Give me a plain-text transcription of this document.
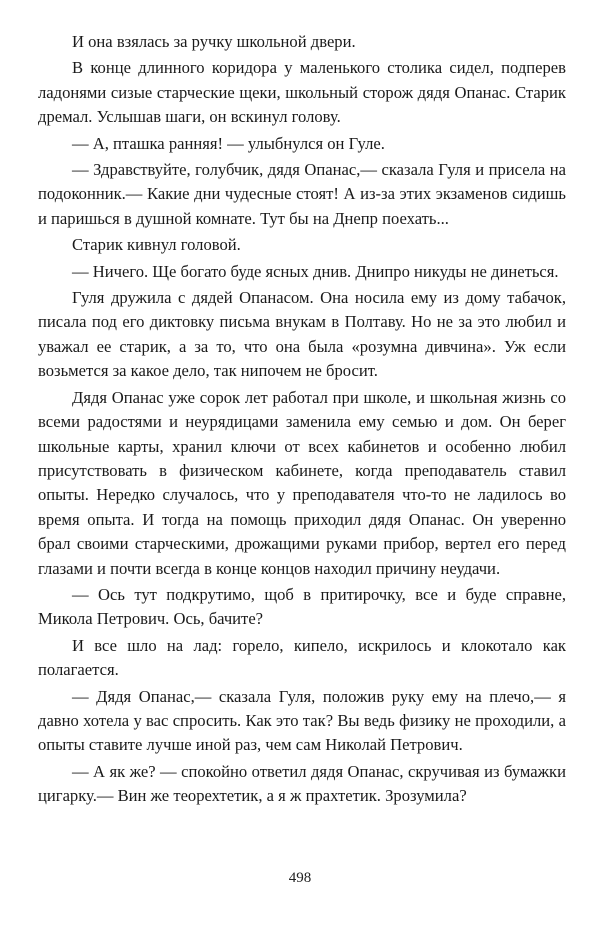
И она взялась за ручку школьной двери.

В конце длинного коридора у маленького столика сидел, подперев ладонями сизые старческие щеки, школьный сторож дядя Опанас. Старик дремал. Услышав шаги, он вскинул голову.

— А, пташка ранняя! — улыбнулся он Гуле.

— Здравствуйте, голубчик, дядя Опанас,— сказала Гуля и присела на подоконник.— Какие дни чудесные стоят! А из-за этих экзаменов сидишь и паришься в душной комнате. Тут бы на Днепр поехать...

Старик кивнул головой.

— Ничего. Ще богато буде ясных днив. Днипро никуды не динеться.

Гуля дружила с дядей Опанасом. Она носила ему из дому табачок, писала под его диктовку письма внукам в Полтаву. Но не за это любил и уважал ее старик, а за то, что она была «розумна дивчина». Уж если возьмется за какое дело, так нипочем не бросит.

Дядя Опанас уже сорок лет работал при школе, и школьная жизнь со всеми радостями и неурядицами заменила ему семью и дом. Он берег школьные карты, хранил ключи от всех кабинетов и особенно любил присутствовать в физическом кабинете, когда преподаватель ставил опыты. Нередко случалось, что у преподавателя что-то не ладилось во время опыта. И тогда на помощь приходил дядя Опанас. Он уверенно брал своими старческими, дрожащими руками прибор, вертел его перед глазами и почти всегда в конце концов находил причину неудачи.

— Ось тут подкрутимо, щоб в притирочку, все и буде справне, Микола Петрович. Ось, бачите?

И все шло на лад: горело, кипело, искрилось и клокотало как полагается.

— Дядя Опанас,— сказала Гуля, положив руку ему на плечо,— я давно хотела у вас спросить. Как это так? Вы ведь физику не проходили, а опыты ставите лучше иной раз, чем сам Николай Петрович.

— А як же? — спокойно ответил дядя Опанас, скручивая из бумажки цигарку.— Вин же теорехтетик, а я ж прахтетик. Зрозумила?

498
